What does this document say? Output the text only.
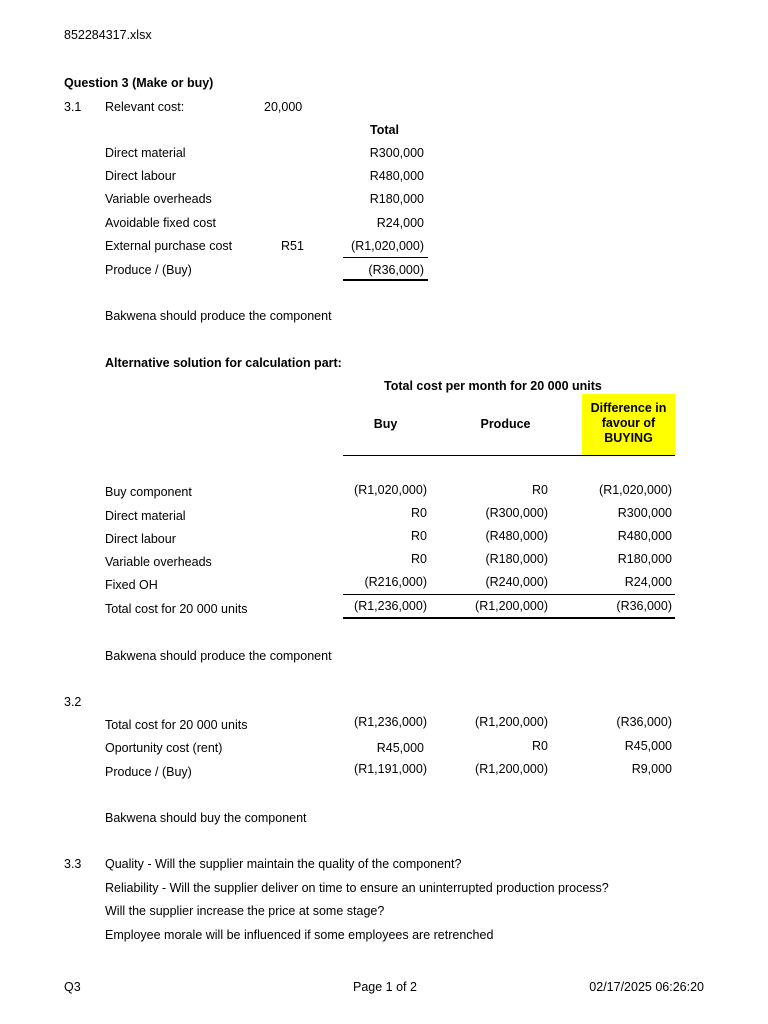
852284317.xlsx
Question 3 (Make or buy)
3.1 Relevant cost:	20,000
Total
Direct material	R300,000
Direct labour	R480,000
Variable overheads	R180,000
Avoidable fixed cost	R24,000
External purchase cost	R51	(R1,020,000)
Produce / (Buy)	(R36,000)
Bakwena should produce the component
Alternative solution for calculation part:
Total cost per month for 20 000 units
Buy	Produce
Difference in
favour of
BUYING
Buy component	(R1,020,000)	R0	(R1,020,000)
Direct material	R0	(R300,000)	R300,000
Direct labour	R0	(R480,000)	R480,000
Variable overheads	R0	(R180,000)	R180,000
Fixed OH	(R216,000)	(R240,000)	R24,000
Total cost for 20 000 units	(R1,236,000)	(R1,200,000)	(R36,000)
Bakwena should produce the component
3.2
Total cost for 20 000 units	(R1,236,000)	(R1,200,000)	(R36,000)
Oportunity cost (rent)	R45,000	R0	R45,000
Produce / (Buy)	(R1,191,000)	(R1,200,000)	R9,000
Bakwena should buy the component
3.3 Quality - Will the supplier maintain the quality of the component?
Reliability - Will the supplier deliver on time to ensure an uninterrupted production process?
Will the supplier increase the price at some stage?
Employee morale will be influenced if some employees are retrenched
Q3	Page 1 of 2	02/17/2025 06:26:20
